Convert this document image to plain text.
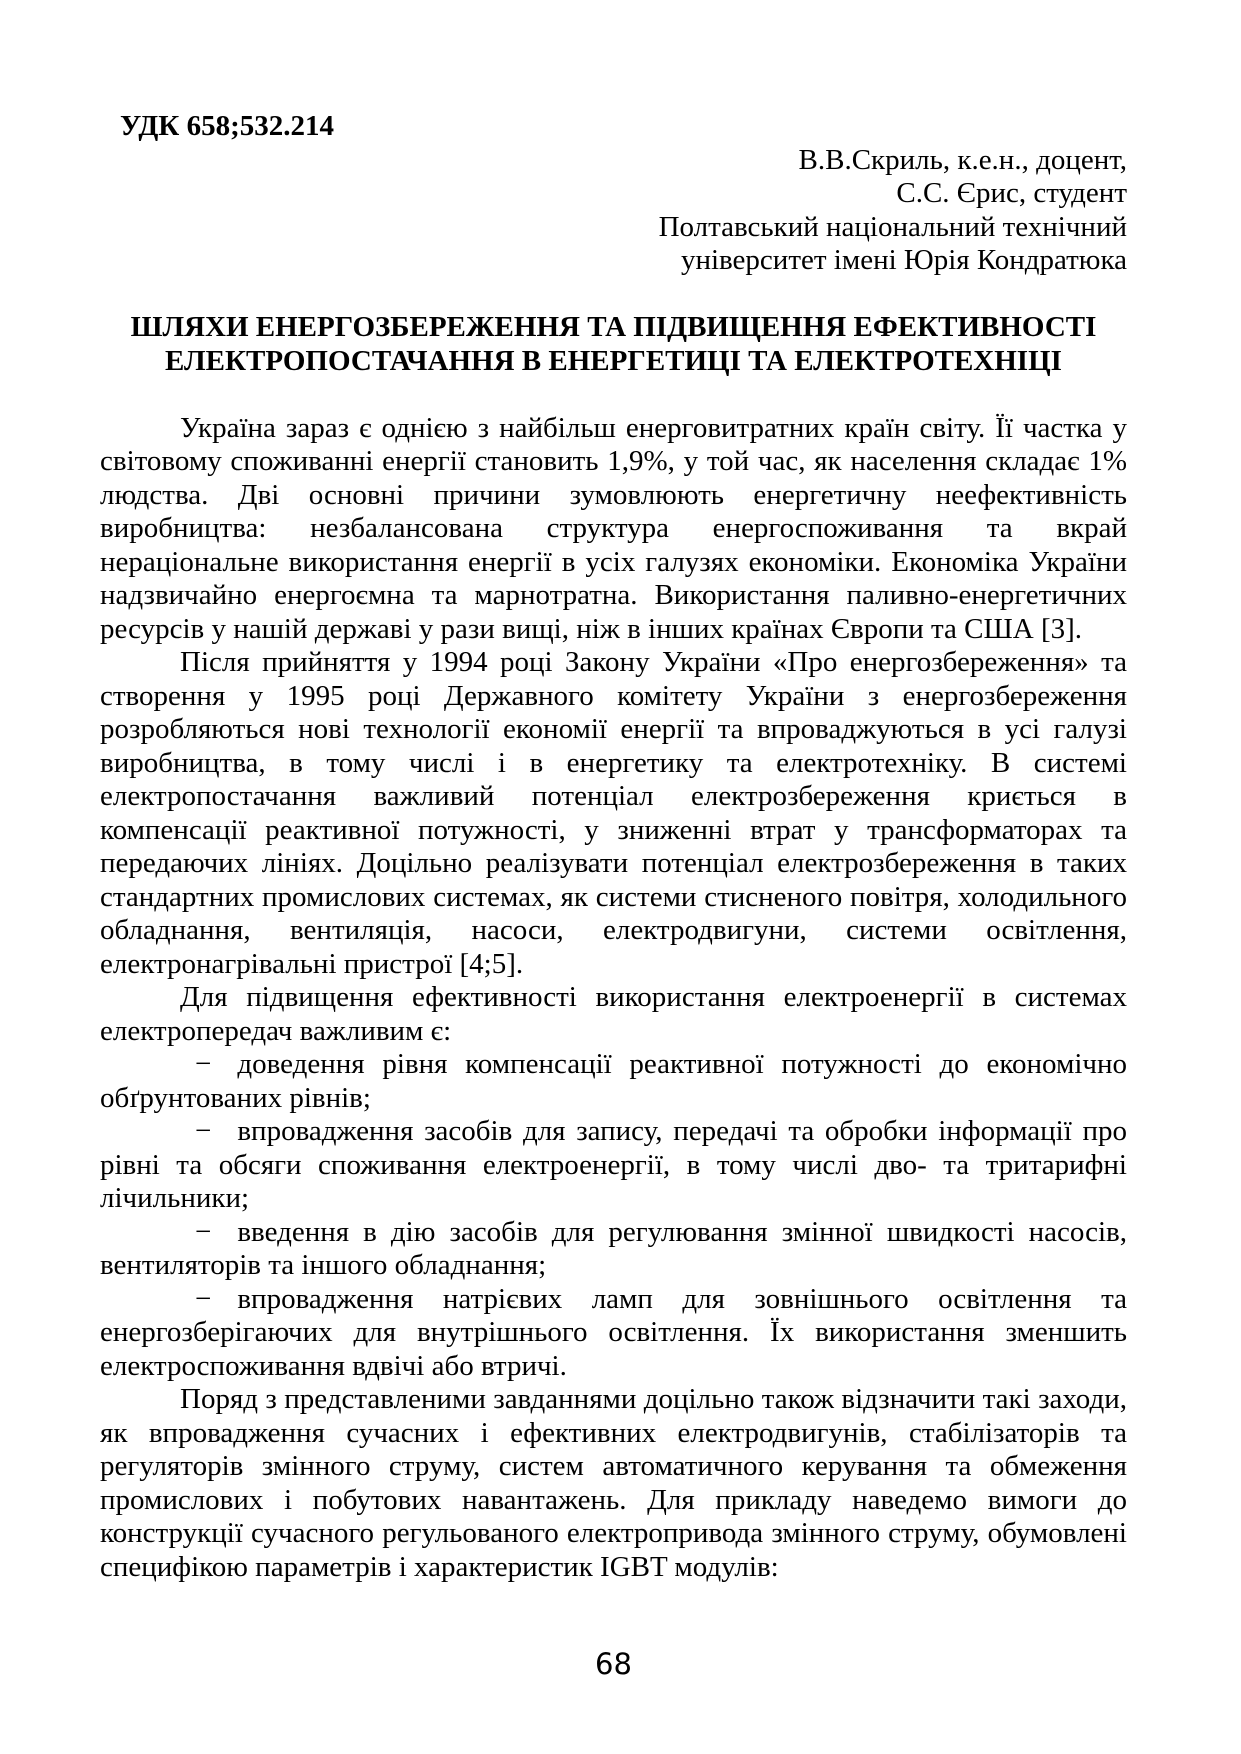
УДК 658;532.214
В.В.Скриль, к.е.н., доцент,
С.С. Єрис, студент
Полтавський національний технічний
університет імені Юрія Кондратюка
ШЛЯХИ ЕНЕРГОЗБЕРЕЖЕННЯ ТА ПІДВИЩЕННЯ ЕФЕКТИВНОСТІ
ЕЛЕКТРОПОСТАЧАННЯ В ЕНЕРГЕТИЦІ ТА ЕЛЕКТРОТЕХНІЦІ

Україна зараз є однією з найбільш енерговитратних країн світу. Її частка у світовому споживанні енергії становить 1,9%, у той час, як населення складає 1% людства. Дві основні причини зумовлюють енергетичну неефективність виробництва: незбалансована структура енергоспоживання та вкрай нераціональне використання енергії в усіх галузях економіки. Економіка України надзвичайно енергоємна та марнотратна. Використання паливно-енергетичних ресурсів у нашій державі у рази вищі, ніж в інших країнах Європи та США [3].

Після прийняття у 1994 році Закону України «Про енергозбереження» та створення у 1995 році Державного комітету України з енергозбереження розробляються нові технології економії енергії та впроваджуються в усі галузі виробництва, в тому числі і в енергетику та електротехніку. В системі електропостачання важливий потенціал електрозбереження криється в компенсації реактивної потужності, у зниженні втрат у трансформаторах та передаючих лініях. Доцільно реалізувати потенціал електрозбереження в таких стандартних промислових системах, як системи стисненого повітря, холодильного обладнання, вентиляція, насоси, електродвигуни, системи освітлення, електронагрівальні пристрої [4;5].

Для підвищення ефективності використання електроенергії в системах електропередач важливим є:

− доведення рівня компенсації реактивної потужності до економічно обґрунтованих рівнів;

− впровадження засобів для запису, передачі та обробки інформації про рівні та обсяги споживання електроенергії, в тому числі дво- та тритарифні лічильники;

− введення в дію засобів для регулювання змінної швидкості насосів, вентиляторів та іншого обладнання;

− впровадження натрієвих ламп для зовнішнього освітлення та енергозберігаючих для внутрішнього освітлення. Їх використання зменшить електроспоживання вдвічі або втричі.

Поряд з представленими завданнями доцільно також відзначити такі заходи, як впровадження сучасних і ефективних електродвигунів, стабілізаторів та регуляторів змінного струму, систем автоматичного керування та обмеження промислових і побутових навантажень. Для прикладу наведемо вимоги до конструкції сучасного регульованого електропривода змінного струму, обумовлені специфікою параметрів і характеристик IGBT модулів:

68
